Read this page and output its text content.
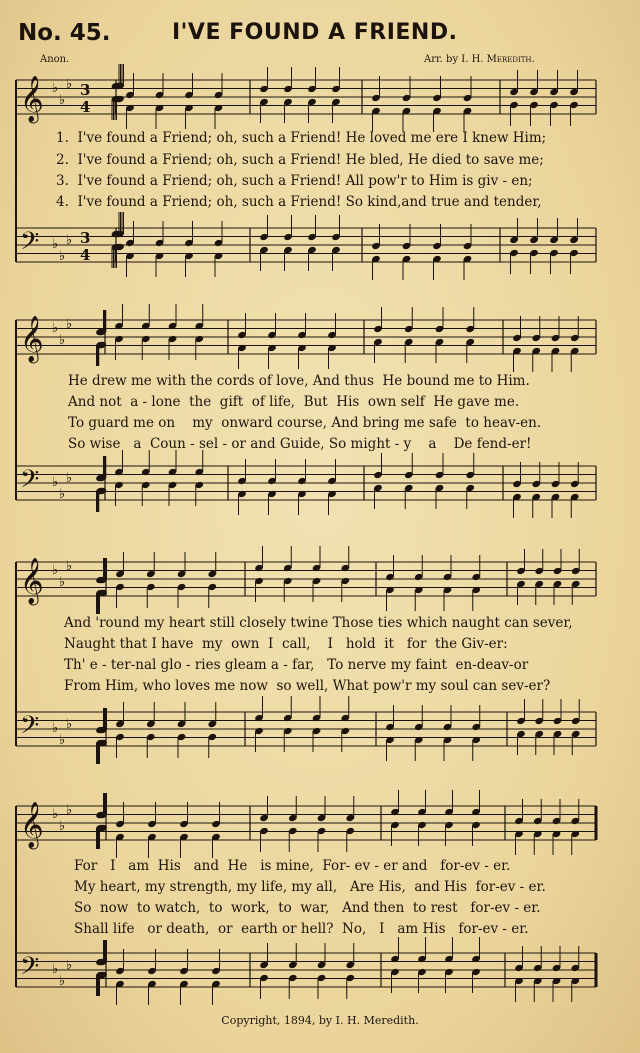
No. 45.	I'VE FOUND A FRIEND.
Anon.	Arr. by I. H. Meredith.
𝄞 ♭
♭
♭ 3
4
𝄢 ♭
♭
♭ 3
4
𝄞 ♭
♭
♭
𝄢 ♭
♭
♭
𝄞 ♭
♭
♭
𝄢 ♭
♭
♭
𝄞 ♭
♭
♭
𝄢 ♭
♭
♭
1.  I've found a Friend; oh, such a Friend! He loved me ere I knew Him;
2.  I've found a Friend; oh, such a Friend! He bled, He died to save me;
3.  I've found a Friend; oh, such a Friend! All pow'r to Him is giv - en;
4.  I've found a Friend; oh, such a Friend! So kind,and true and tender,
He drew me with the cords of love, And thus  He bound me to Him.
And not  a - lone  the  gift  of life,  But  His  own self  He gave me.
To guard me on    my  onward course, And bring me safe  to heav-en.
So wise   a  Coun - sel - or and Guide, So might - y    a    De fend-er!
And 'round my heart still closely twine Those ties which naught can sever,
Naught that I have  my  own  I  call,    I   hold  it   for  the Giv-er:
Th' e - ter-nal glo - ries gleam a - far,   To nerve my faint  en-deav-or
From Him, who loves me now  so well, What pow'r my soul can sev-er?
For   I   am  His   and  He   is mine,  For- ev - er and   for-ev - er.
My heart, my strength, my life, my all,   Are His,  and His  for-ev - er.
So  now  to watch,  to  work,  to  war,   And then  to rest   for-ev - er.
Shall life   or death,  or  earth or hell?  No,   I   am His   for-ev - er.
Copyright, 1894, by I. H. Meredith.
